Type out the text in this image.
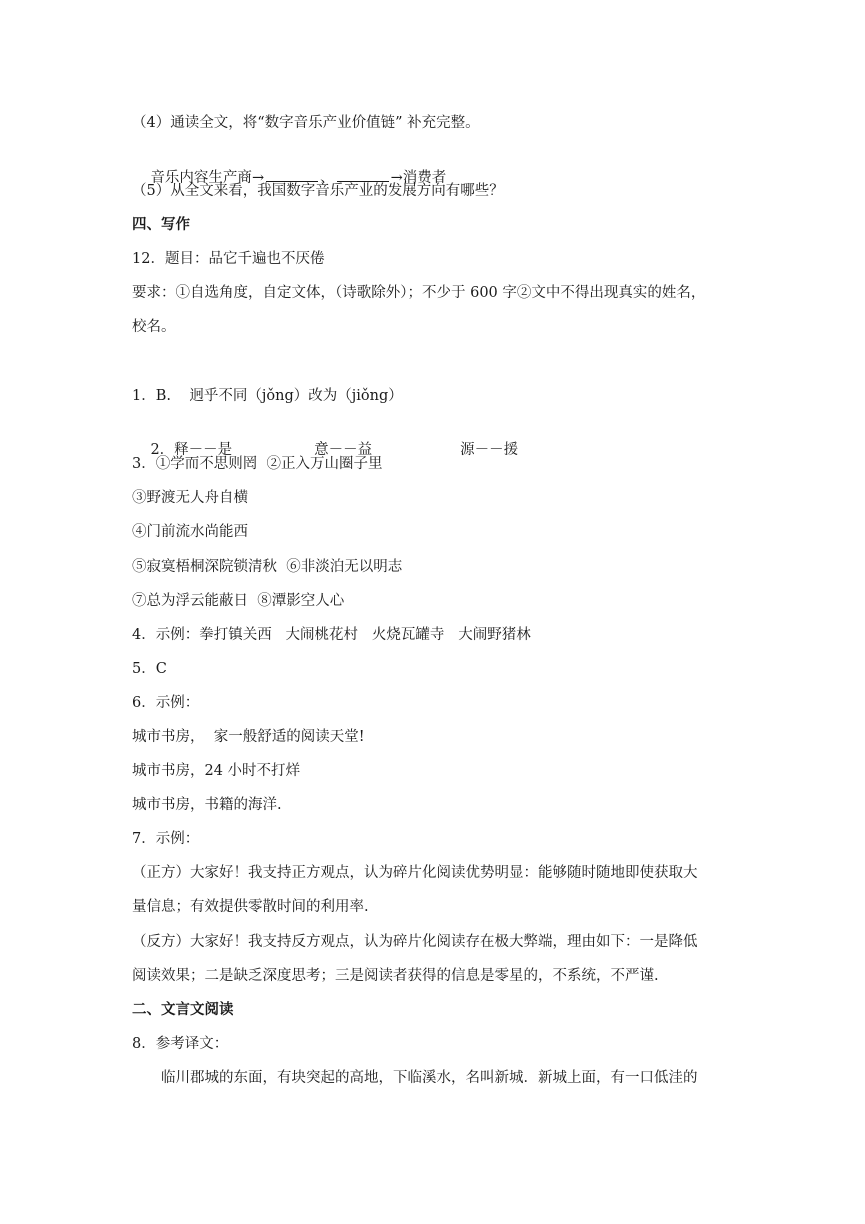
（4）通读全文，将“数字音乐产业价值链” 补充完整。

音乐内容生产商→	、	→消费者

（5）从全文来看，我国数字音乐产业的发展方向有哪些？
四、写作
12．题目：品它千遍也不厌倦
要求：①自选角度，自定文体，（诗歌除外）；不少于 600 字②文中不得出现真实的姓名，
校名。
1．B.    迥乎不同（jǒng）改为（jiǒng）

2．释－－是	意－－益	源－－援

3．①学而不思则罔  ②正入万山圈子里
③野渡无人舟自横
④门前流水尚能西
⑤寂寞梧桐深院锁清秋  ⑥非淡泊无以明志
⑦总为浮云能蔽日  ⑧潭影空人心
4．示例：拳打镇关西   大闹桃花村   火烧瓦罐寺   大闹野猪林
5．C
6．示例：
城市书房，  家一般舒适的阅读天堂!
城市书房，24 小时不打烊
城市书房，书籍的海洋.
7．示例：
（正方）大家好！我支持正方观点，认为碎片化阅读优势明显：能够随时随地即使获取大
量信息；有效提供零散时间的利用率.
（反方）大家好！我支持反方观点，认为碎片化阅读存在极大弊端，理由如下：一是降低
阅读效果；二是缺乏深度思考；三是阅读者获得的信息是零星的，不系统，不严谨.
二、文言文阅读
8．参考译文：
临川郡城的东面，有块突起的高地，下临溪水，名叫新城．新城上面，有一口低洼的
